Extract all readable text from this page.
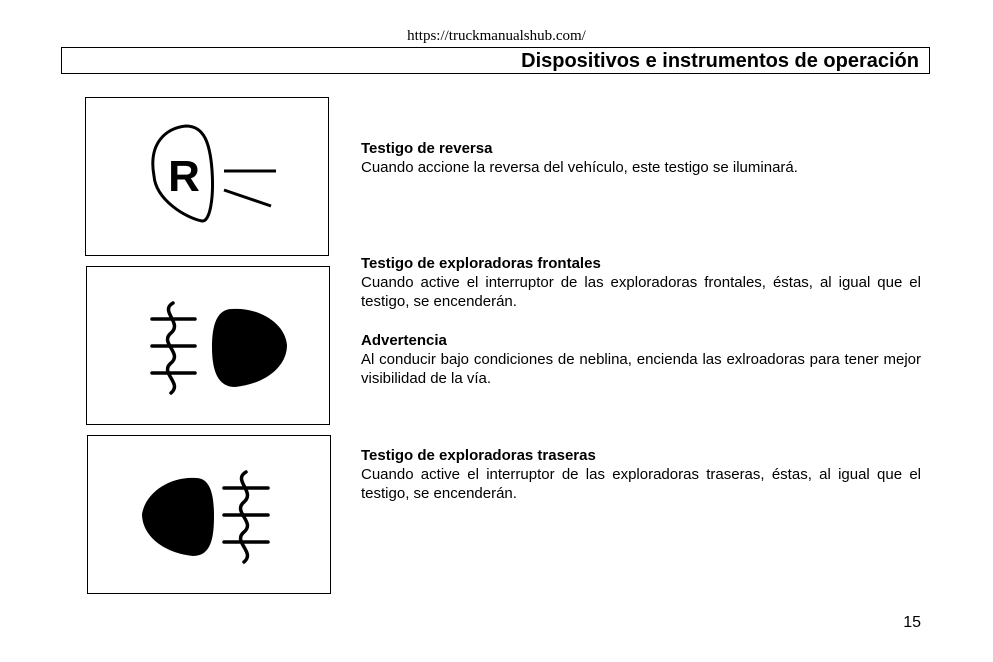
https://truckmanualshub.com/
Dispositivos e instrumentos de operación
R
Testigo de reversa
Cuando accione la reversa del vehículo, este testigo se iluminará.
Testigo de exploradoras frontales
Cuando active el interruptor de las exploradoras frontales, éstas, al igual que el testigo, se encenderán.
Advertencia
Al conducir bajo condiciones de neblina, encienda las exlroadoras para tener mejor visibilidad de la vía.
Testigo de exploradoras traseras
Cuando active el interruptor de las exploradoras traseras, éstas, al igual que el testigo, se encenderán.
15
